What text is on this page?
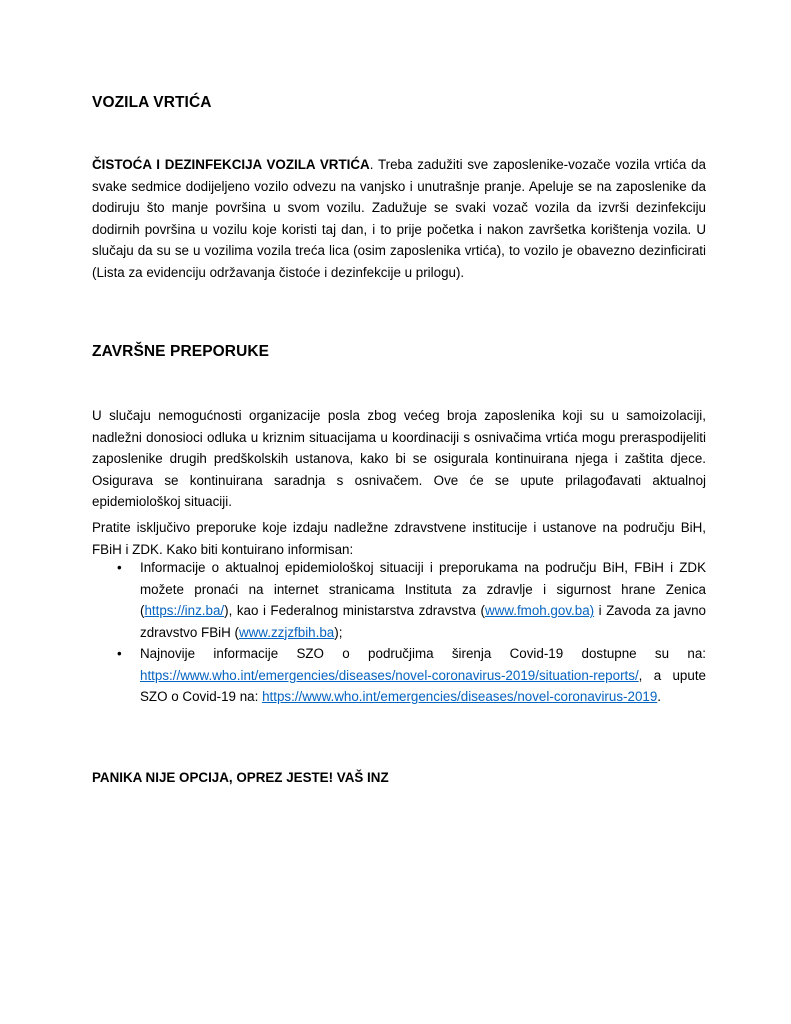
VOZILA VRTIĆA

ČISTOĆA I DEZINFEKCIJA VOZILA VRTIĆA. Treba zadužiti sve zaposlenike-vozače vozila vrtića da svake sedmice dodijeljeno vozilo odvezu na vanjsko i unutrašnje pranje. Apeluje se na zaposlenike da dodiruju što manje površina u svom vozilu. Zadužuje se svaki vozač vozila da izvrši dezinfekciju dodirnih površina u vozilu koje koristi taj dan, i to prije početka i nakon završetka korištenja vozila. U slučaju da su se u vozilima vozila treća lica (osim zaposlenika vrtića), to vozilo je obavezno dezinficirati (Lista za evidenciju održavanja čistoće i dezinfekcije u prilogu).

ZAVRŠNE PREPORUKE

U slučaju nemogućnosti organizacije posla zbog većeg broja zaposlenika koji su u samoizolaciji, nadležni donosioci odluka u kriznim situacijama u koordinaciji s osnivačima vrtića mogu preraspodijeliti zaposlenike drugih predškolskih ustanova, kako bi se osigurala kontinuirana njega i zaštita djece. Osigurava se kontinuirana saradnja s osnivačem. Ove će se upute prilagođavati aktualnoj epidemiološkoj situaciji.

Pratite isključivo preporuke koje izdaju nadležne zdravstvene institucije i ustanove na području BiH, FBiH i ZDK. Kako biti kontuirano informisan:

• Informacije o aktualnoj epidemiološkoj situaciji i preporukama na području BiH, FBiH i ZDK možete pronaći na internet stranicama Instituta za zdravlje i sigurnost hrane Zenica (https://inz.ba/), kao i Federalnog ministarstva zdravstva (www.fmoh.gov.ba) i Zavoda za javno zdravstvo FBiH (www.zzjzfbih.ba);
• Najnovije informacije SZO o područjima širenja Covid-19 dostupne su na: https://www.who.int/emergencies/diseases/novel-coronavirus-2019/situation-reports/, a upute SZO o Covid-19 na: https://www.who.int/emergencies/diseases/novel-coronavirus-2019.

PANIKA NIJE OPCIJA, OPREZ JESTE! VAŠ INZ
